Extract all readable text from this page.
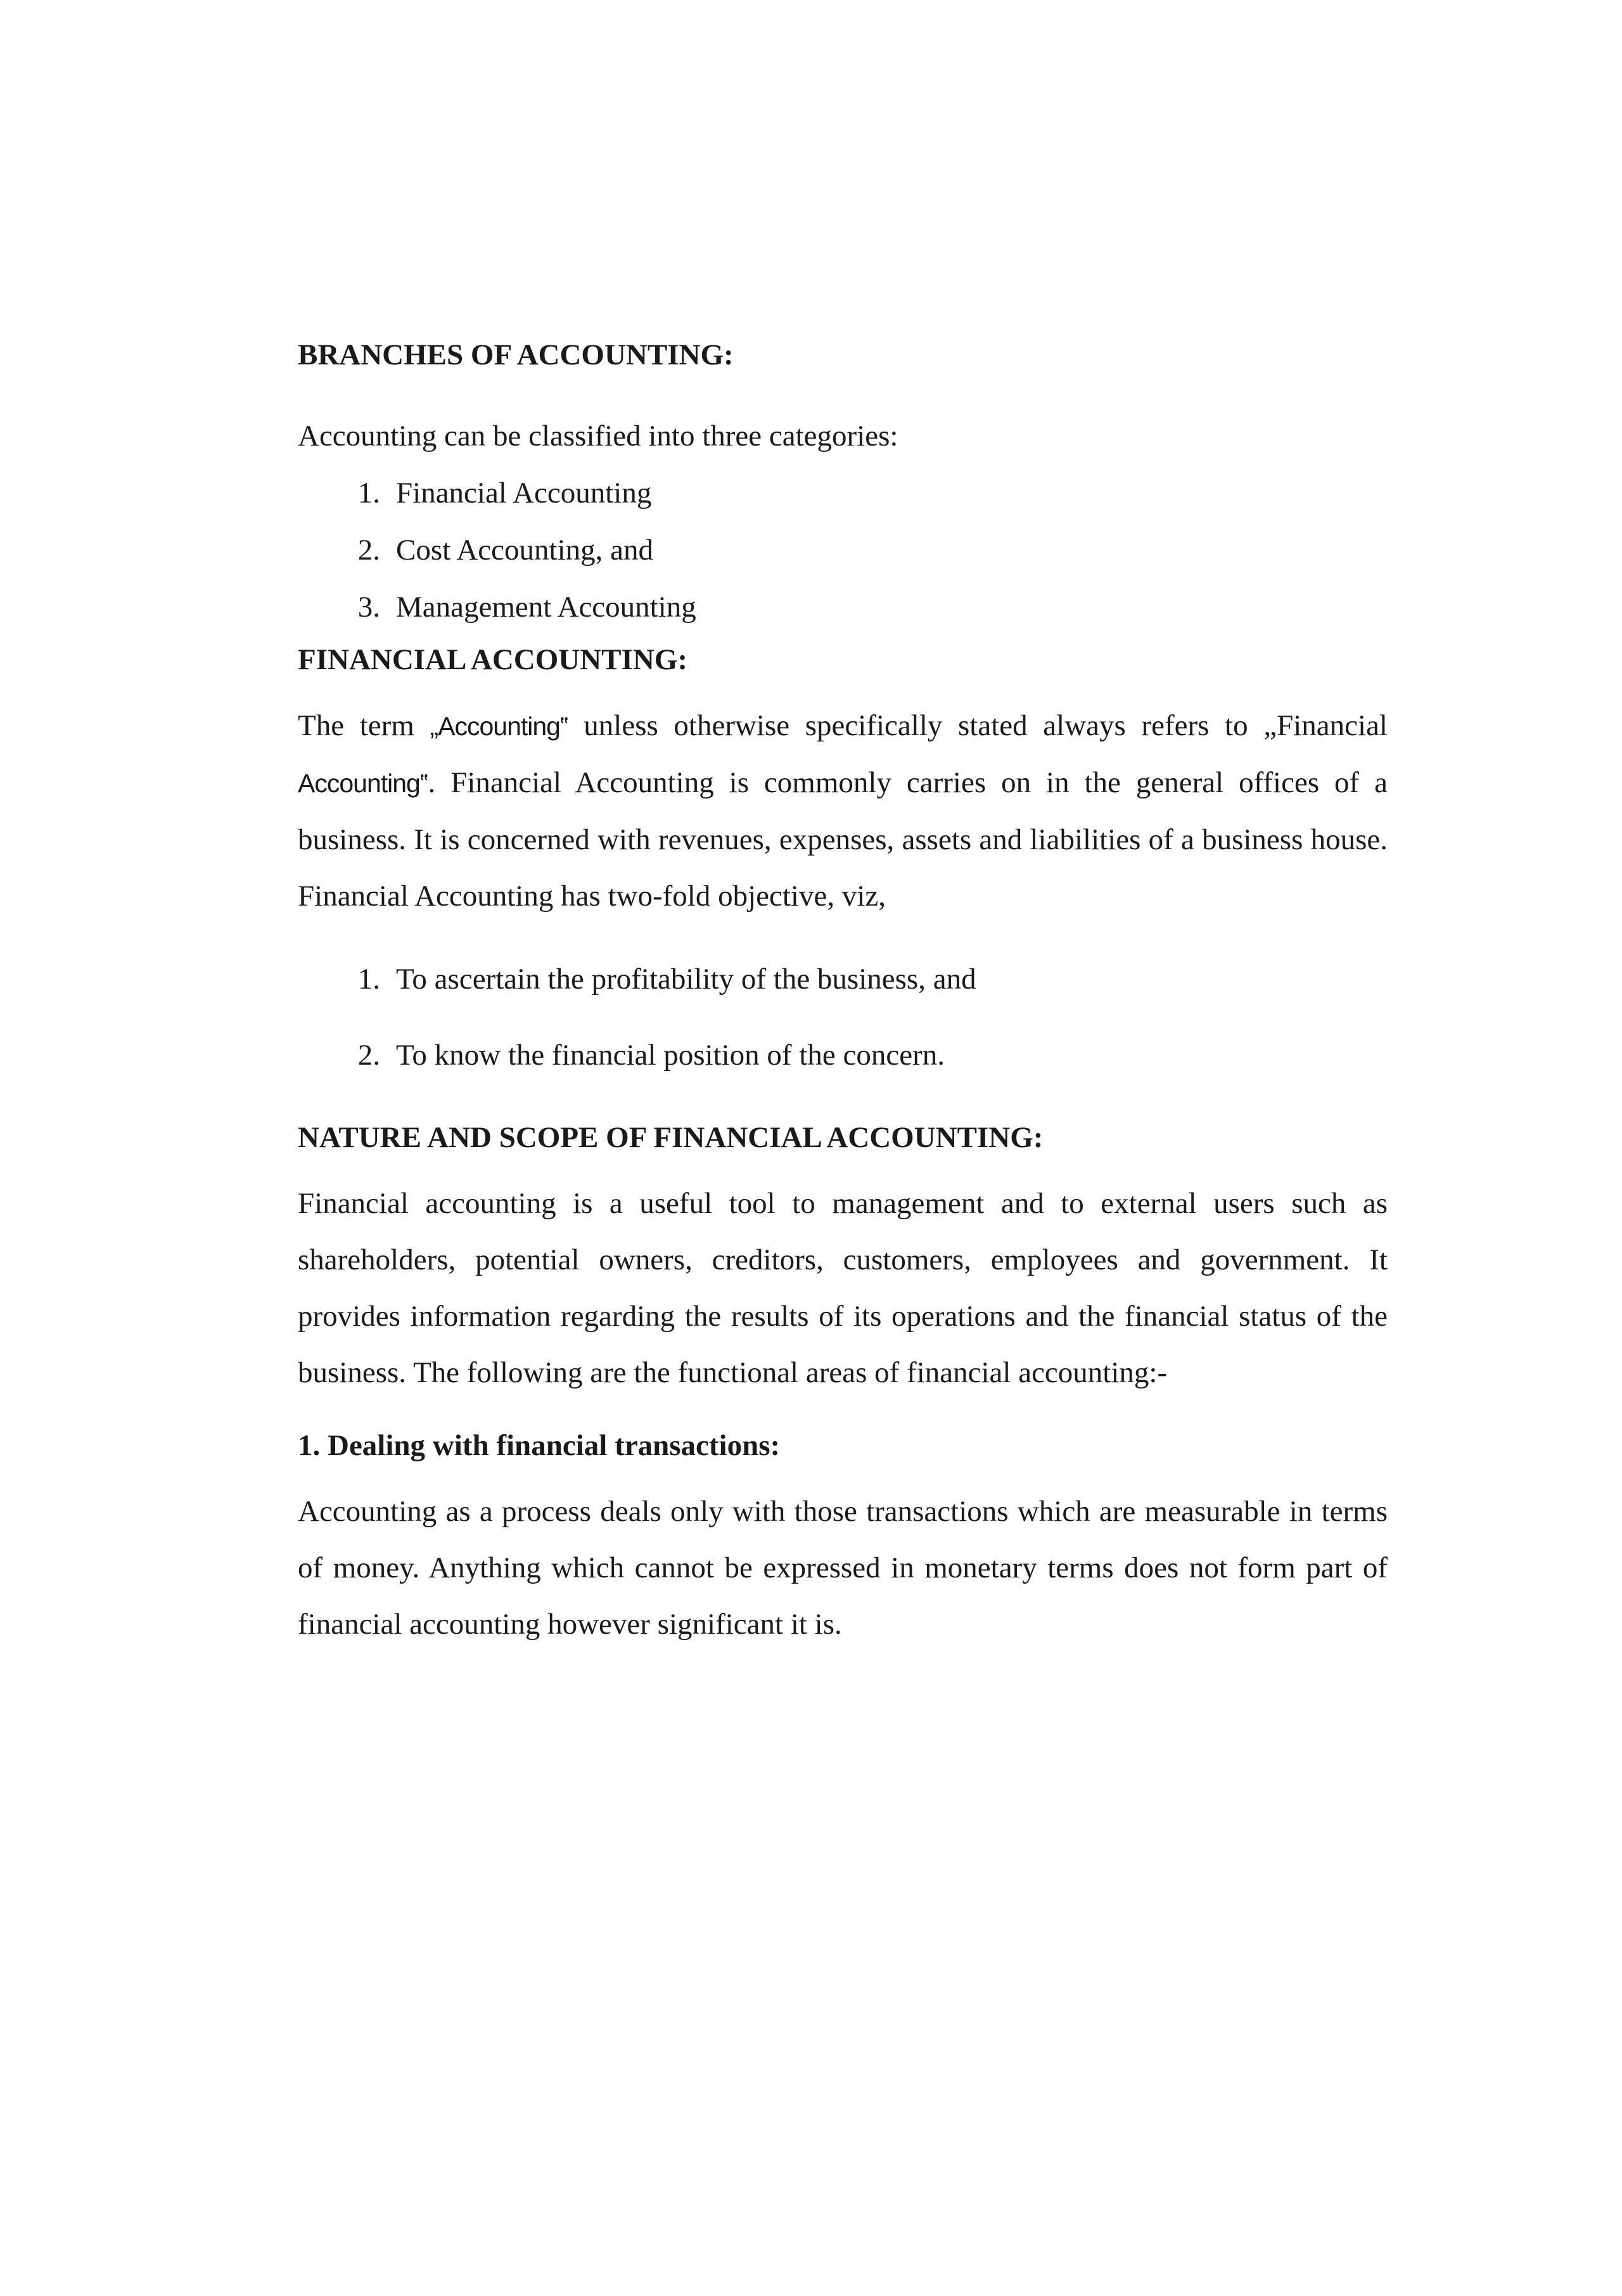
BRANCHES OF ACCOUNTING:

Accounting can be classified into three categories:

1. Financial Accounting
2. Cost Accounting, and
3. Management Accounting
FINANCIAL ACCOUNTING:

The term „Accounting‟ unless otherwise specifically stated always refers to „Financial Accounting‟. Financial Accounting is commonly carries on in the general offices of a business. It is concerned with revenues, expenses, assets and liabilities of a business house. Financial Accounting has two-fold objective, viz,

1. To ascertain the profitability of the business, and
2. To know the financial position of the concern.
NATURE AND SCOPE OF FINANCIAL ACCOUNTING:

Financial accounting is a useful tool to management and to external users such as shareholders, potential owners, creditors, customers, employees and government. It provides information regarding the results of its operations and the financial status of the business. The following are the functional areas of financial accounting:-

1. Dealing with financial transactions:

Accounting as a process deals only with those transactions which are measurable in terms of money. Anything which cannot be expressed in monetary terms does not form part of financial accounting however significant it is.
